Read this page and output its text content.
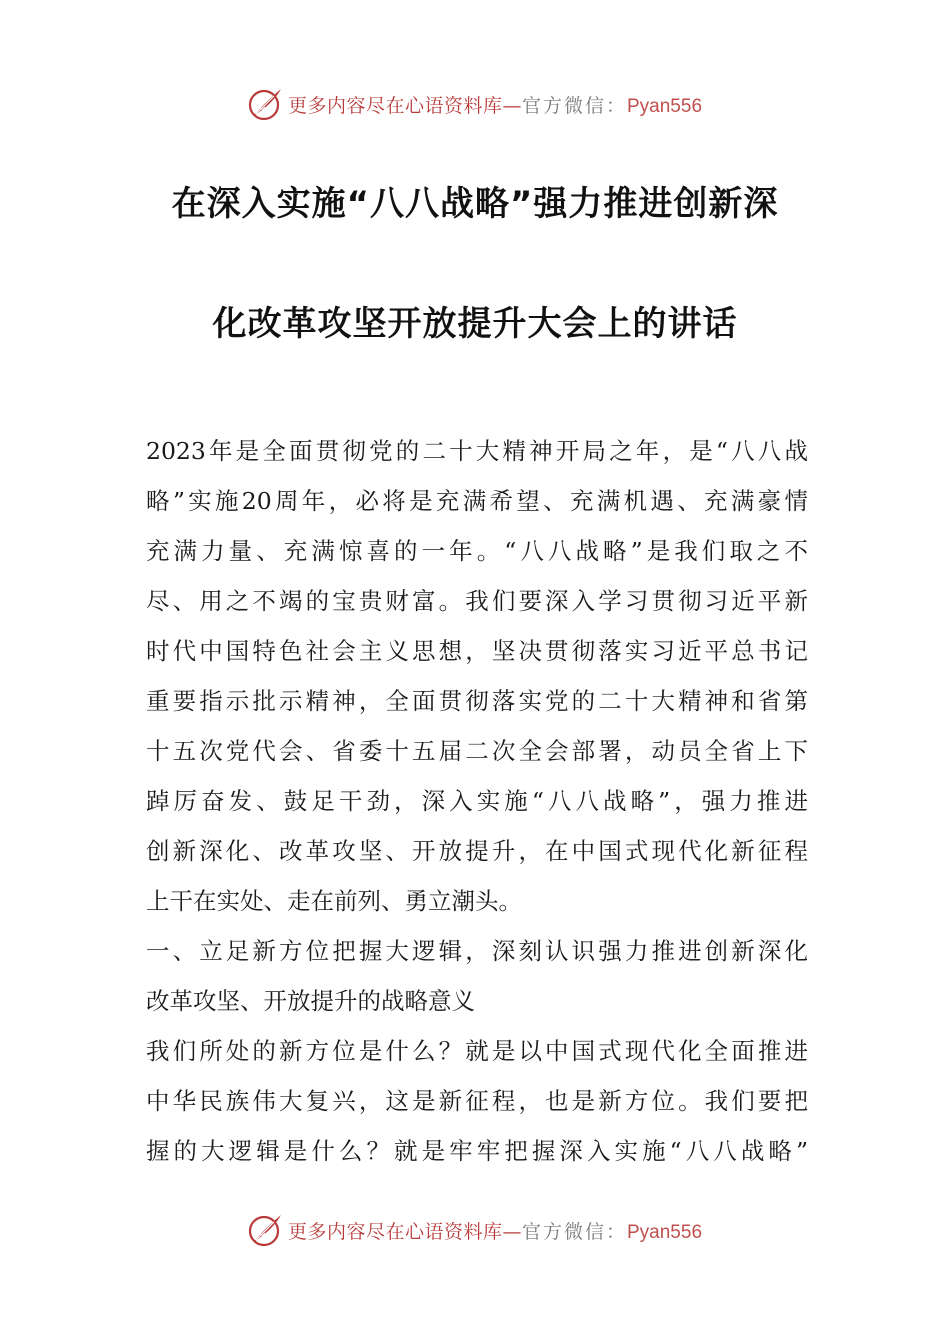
更多内容尽在心语资料库—官方微信：Pyan556
在深入实施“八八战略”强力推进创新深
化改革攻坚开放提升大会上的讲话
2023年是全面贯彻党的二十大精神开局之年，是“八八战
略”实施20周年，必将是充满希望、充满机遇、充满豪情
充满力量、充满惊喜的一年。“八八战略”是我们取之不
尽、用之不竭的宝贵财富。我们要深入学习贯彻习近平新
时代中国特色社会主义思想，坚决贯彻落实习近平总书记
重要指示批示精神，全面贯彻落实党的二十大精神和省第
十五次党代会、省委十五届二次全会部署，动员全省上下
踔厉奋发、鼓足干劲，深入实施“八八战略”，强力推进
创新深化、改革攻坚、开放提升，在中国式现代化新征程
上干在实处、走在前列、勇立潮头。
一、立足新方位把握大逻辑，深刻认识强力推进创新深化
改革攻坚、开放提升的战略意义
我们所处的新方位是什么？就是以中国式现代化全面推进
中华民族伟大复兴，这是新征程，也是新方位。我们要把
握的大逻辑是什么？就是牢牢把握深入实施“八八战略”
更多内容尽在心语资料库—官方微信：Pyan556
